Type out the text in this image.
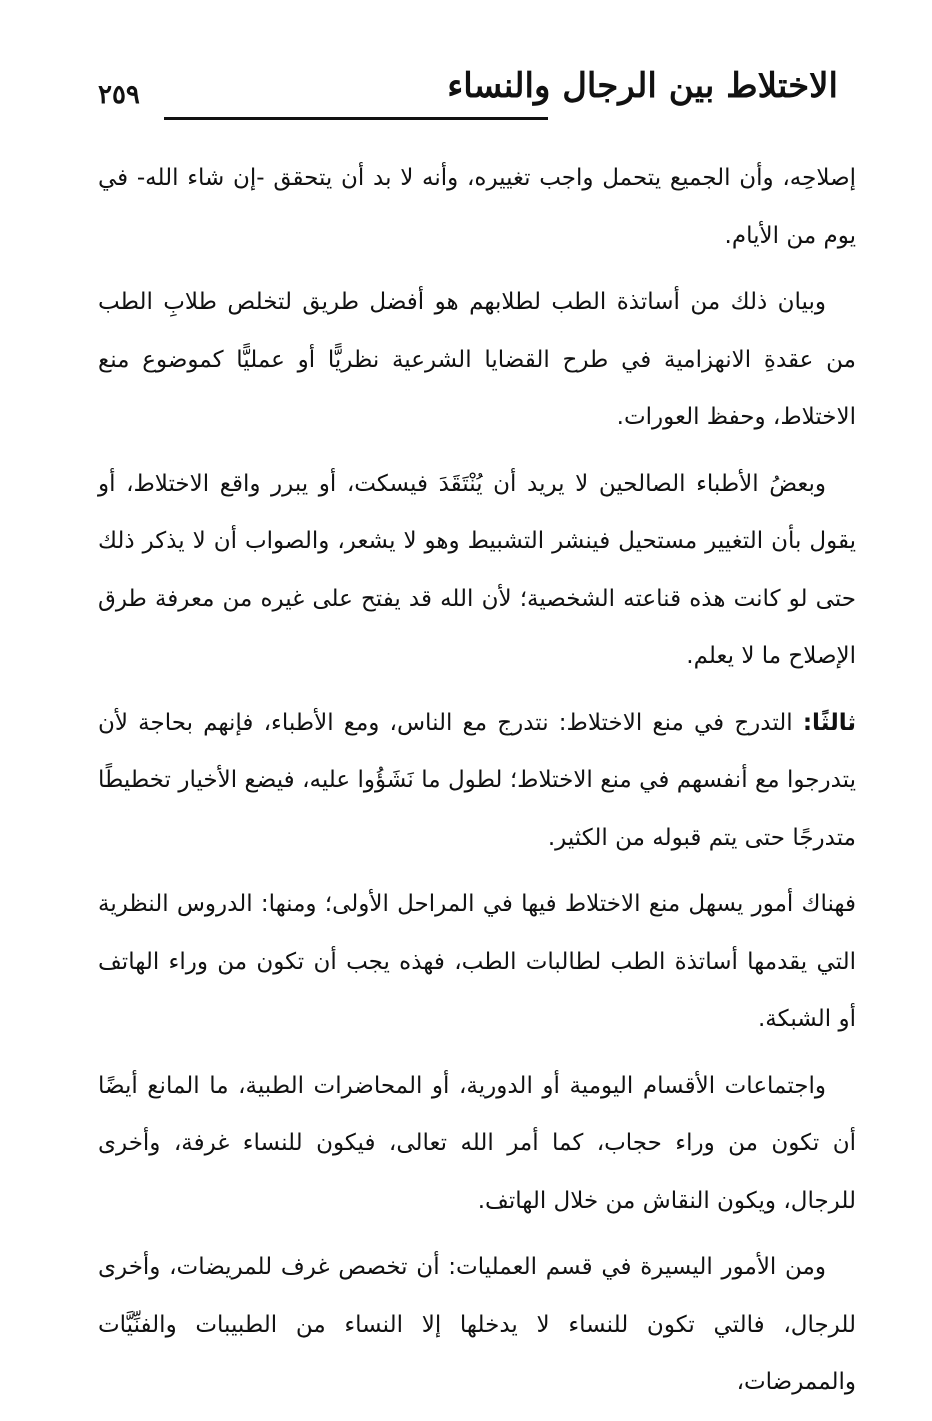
٢٥٩	الاختلاط بين الرجال والنساء

إصلاحِه، وأن الجميع يتحمل واجب تغييره، وأنه لا بد أن يتحقق -إن شاء الله- في يوم من الأيام.

وبيان ذلك من أساتذة الطب لطلابهم هو أفضل طريق لتخلص طلابِ الطب من عقدةِ الانهزامية في طرح القضايا الشرعية نظريًّا أو عمليًّا كموضوع منع الاختلاط، وحفظ العورات.

وبعضُ الأطباء الصالحين لا يريد أن يُنْتَقَدَ فيسكت، أو يبرر واقع الاختلاط، أو يقول بأن التغيير مستحيل فينشر التشبيط وهو لا يشعر، والصواب أن لا يذكر ذلك حتى لو كانت هذه قناعته الشخصية؛ لأن الله قد يفتح على غيره من معرفة طرق الإصلاح ما لا يعلم.

ثالثًا: التدرج في منع الاختلاط: نتدرج مع الناس، ومع الأطباء، فإنهم بحاجة لأن يتدرجوا مع أنفسهم في منع الاختلاط؛ لطول ما نَشَؤُوا عليه، فيضع الأخيار تخطيطًا متدرجًا حتى يتم قبوله من الكثير.

فهناك أمور يسهل منع الاختلاط فيها في المراحل الأولى؛ ومنها: الدروس النظرية التي يقدمها أساتذة الطب لطالبات الطب، فهذه يجب أن تكون من وراء الهاتف أو الشبكة.

واجتماعات الأقسام اليومية أو الدورية، أو المحاضرات الطبية، ما المانع أيضًا أن تكون من وراء حجاب، كما أمر الله تعالى، فيكون للنساء غرفة، وأخرى للرجال، ويكون النقاش من خلال الهاتف.

ومن الأمور اليسيرة في قسم العمليات: أن تخصص غرف للمريضات، وأخرى للرجال، فالتي تكون للنساء لا يدخلها إلا النساء من الطبيبات والفنِّيَّات والممرضات،
